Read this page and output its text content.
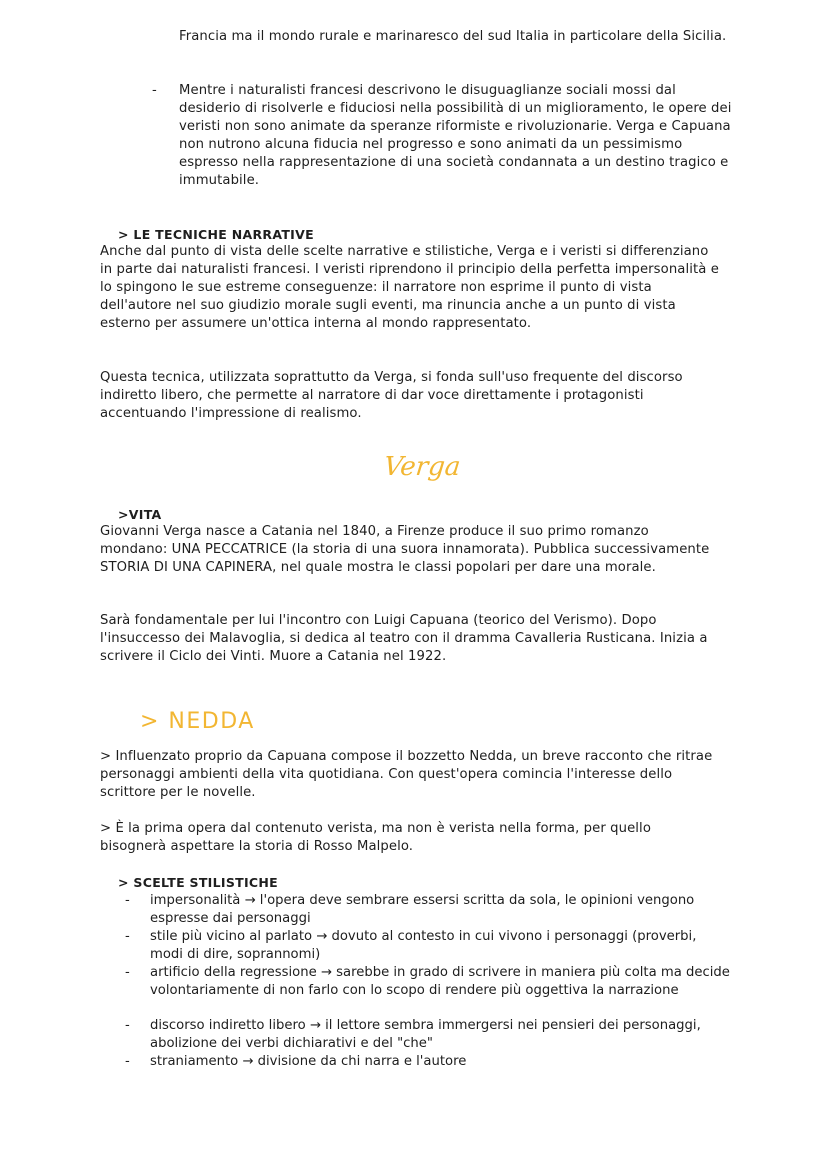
Francia ma il mondo rurale e marinaresco del sud Italia in particolare della Sicilia.

- Mentre i naturalisti francesi descrivono le disuguaglianze sociali mossi dal desiderio di risolverle e fiduciosi nella possibilità di un miglioramento, le opere dei veristi non sono animate da speranze riformiste e rivoluzionarie. Verga e Capuana non nutrono alcuna fiducia nel progresso e sono animati da un pessimismo espresso nella rappresentazione di una società condannata a un destino tragico e immutabile.

> LE TECNICHE NARRATIVE

Anche dal punto di vista delle scelte narrative e stilistiche, Verga e i veristi si differenziano in parte dai naturalisti francesi. I veristi riprendono il principio della perfetta impersonalità e lo spingono le sue estreme conseguenze: il narratore non esprime il punto di vista dell'autore nel suo giudizio morale sugli eventi, ma rinuncia anche a un punto di vista esterno per assumere un'ottica interna al mondo rappresentato.

Questa tecnica, utilizzata soprattutto da Verga, si fonda sull'uso frequente del discorso indiretto libero, che permette al narratore di dar voce direttamente i protagonisti accentuando l'impressione di realismo.

Verga
>VITA

Giovanni Verga nasce a Catania nel 1840, a Firenze produce il suo primo romanzo mondano: UNA PECCATRICE (la storia di una suora innamorata). Pubblica successivamente STORIA DI UNA CAPINERA, nel quale mostra le classi popolari per dare una morale.

Sarà fondamentale per lui l'incontro con Luigi Capuana (teorico del Verismo). Dopo l'insuccesso dei Malavoglia, si dedica al teatro con il dramma Cavalleria Rusticana. Inizia a scrivere il Ciclo dei Vinti. Muore a Catania nel 1922.

> NEDDA

> Influenzato proprio da Capuana compose il bozzetto Nedda, un breve racconto che ritrae personaggi ambienti della vita quotidiana. Con quest'opera comincia l'interesse dello scrittore per le novelle.

> È la prima opera dal contenuto verista, ma non è verista nella forma, per quello bisognerà aspettare la storia di Rosso Malpelo.

> SCELTE STILISTICHE
- impersonalità → l'opera deve sembrare essersi scritta da sola, le opinioni vengono espresse dai personaggi

- stile più vicino al parlato → dovuto al contesto in cui vivono i personaggi (proverbi, modi di dire, soprannomi)

- artificio della regressione → sarebbe in grado di scrivere in maniera più colta ma decide volontariamente di non farlo con lo scopo di rendere più oggettiva la narrazione

- discorso indiretto libero → il lettore sembra immergersi nei pensieri dei personaggi, abolizione dei verbi dichiarativi e del "che"

- straniamento → divisione da chi narra e l'autore
